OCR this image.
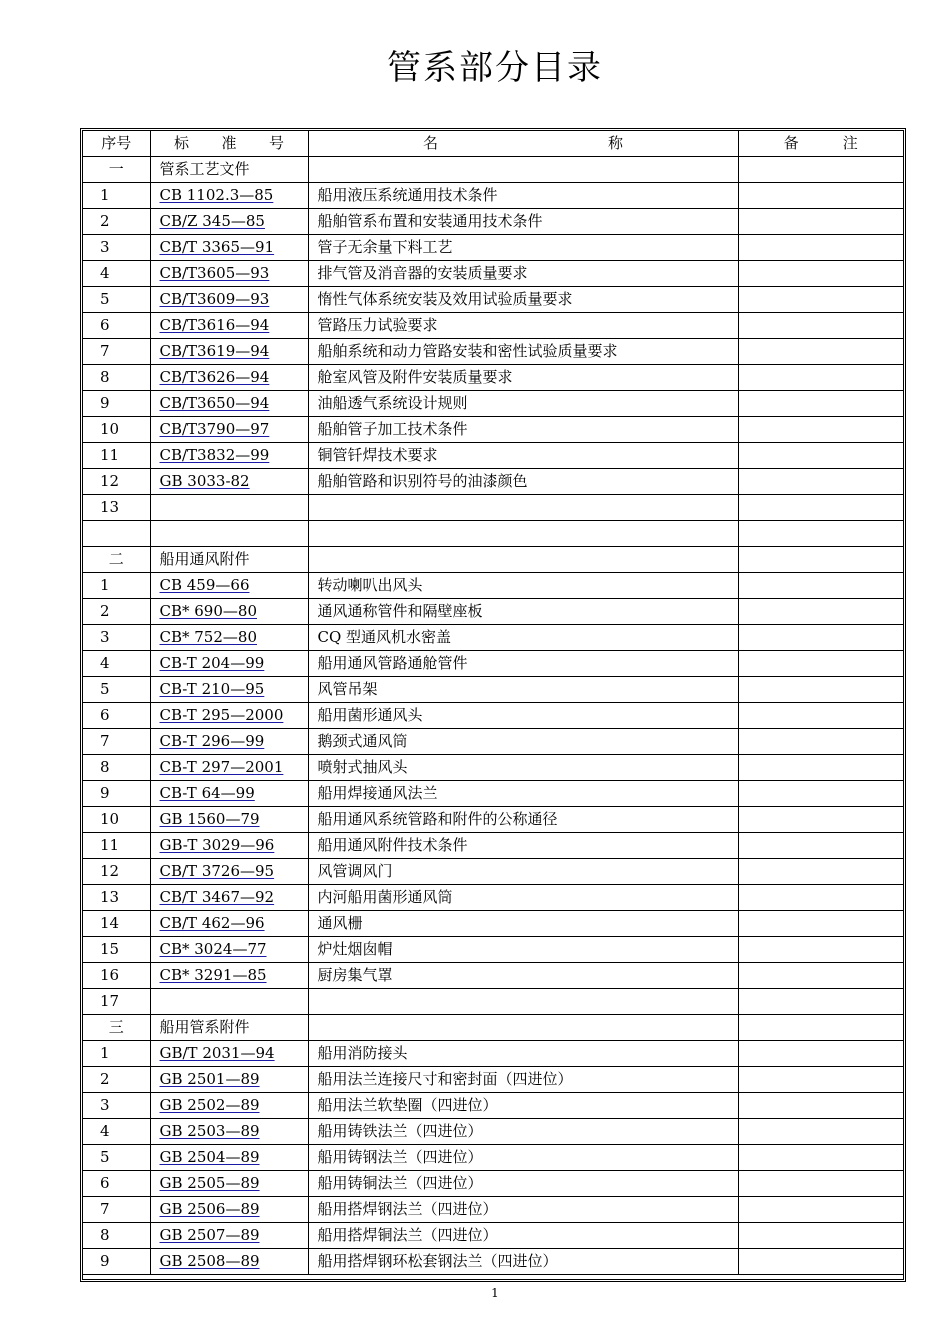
管系部分目录
序号	标 准 号	名 称	备 注

一	管系工艺文件		
1	CB 1102.3—85	船用液压系统通用技术条件	
2	CB/Z 345—85	船舶管系布置和安装通用技术条件	
3	CB/T 3365—91	管子无余量下料工艺	
4	CB/T3605—93	排气管及消音器的安装质量要求	
5	CB/T3609—93	惰性气体系统安装及效用试验质量要求	
6	CB/T3616—94	管路压力试验要求	
7	CB/T3619—94	船舶系统和动力管路安装和密性试验质量要求	
8	CB/T3626—94	舱室风管及附件安装质量要求	
9	CB/T3650—94	油船透气系统设计规则	
10	CB/T3790—97	船舶管子加工技术条件	
11	CB/T3832—99	铜管钎焊技术要求	
12	GB 3033-82	船舶管路和识别符号的油漆颜色	
13			

二	船用通风附件		
1	CB 459—66	转动喇叭出风头	
2	CB* 690—80	通风通称管件和隔壁座板	
3	CB* 752—80	CQ 型通风机水密盖	
4	CB-T 204—99	船用通风管路通舱管件	
5	CB-T 210—95	风管吊架	
6	CB-T 295—2000	船用菌形通风头	
7	CB-T 296—99	鹅颈式通风筒	
8	CB-T 297—2001	喷射式抽风头	
9	CB-T 64—99	船用焊接通风法兰	
10	GB 1560—79	船用通风系统管路和附件的公称通径	
11	GB-T 3029—96	船用通风附件技术条件	
12	CB/T 3726—95	风管调风门	
13	CB/T 3467—92	内河船用菌形通风筒	
14	CB/T 462—96	通风栅	
15	CB* 3024—77	炉灶烟囱帽	
16	CB* 3291—85	厨房集气罩	
17			
三	船用管系附件		
1	GB/T 2031—94	船用消防接头	
2	GB 2501—89	船用法兰连接尺寸和密封面（四进位）	
3	GB 2502—89	船用法兰软垫圈（四进位）	
4	GB 2503—89	船用铸铁法兰（四进位）	
5	GB 2504—89	船用铸钢法兰（四进位）	
6	GB 2505—89	船用铸铜法兰（四进位）	
7	GB 2506—89	船用搭焊钢法兰（四进位）	
8	GB 2507—89	船用搭焊铜法兰（四进位）	
9	GB 2508—89	船用搭焊钢环松套钢法兰（四进位）	
1
